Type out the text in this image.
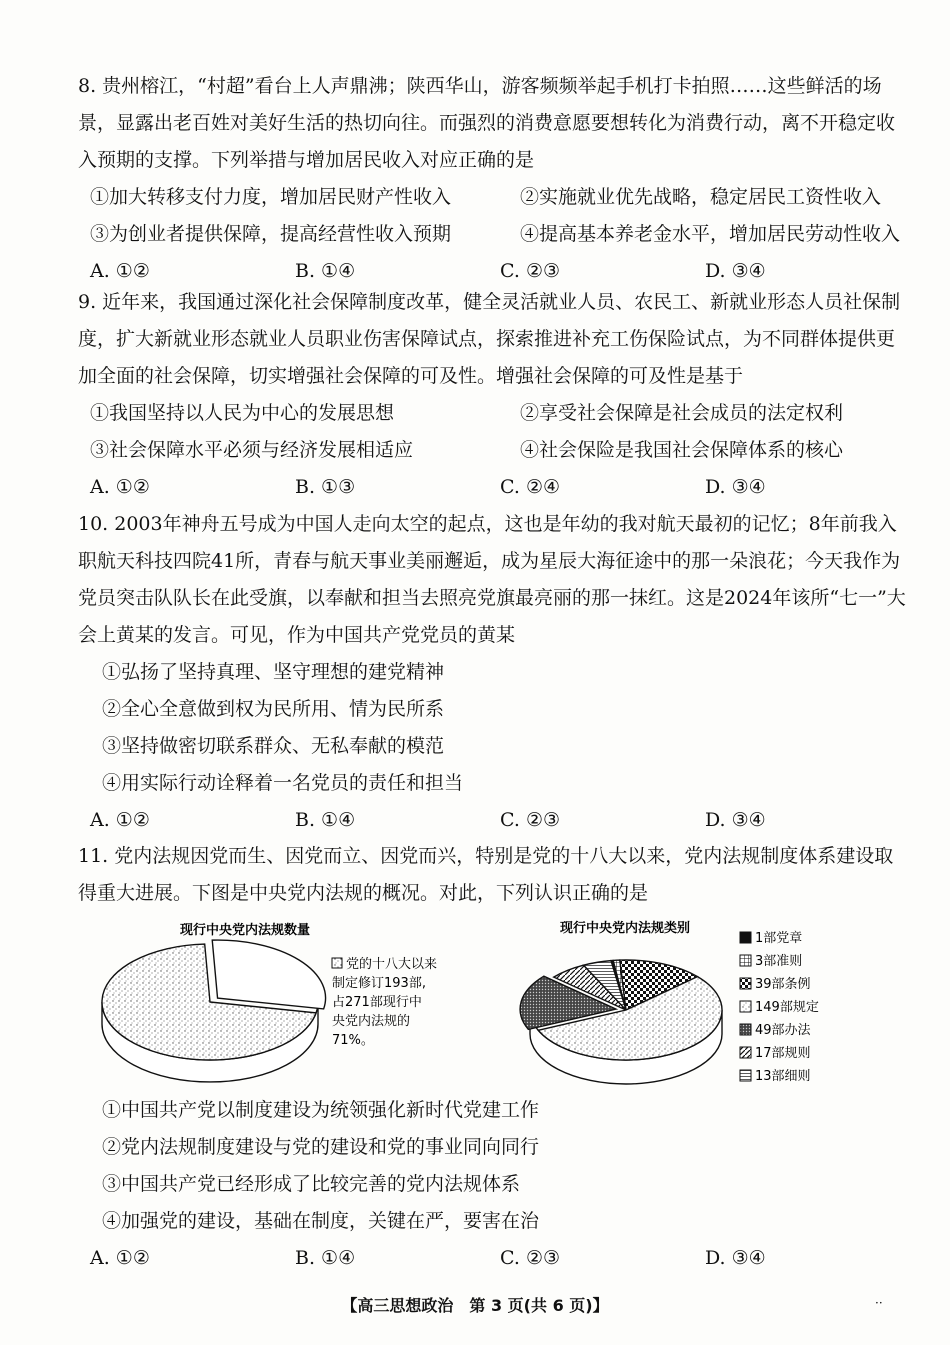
8. 贵州榕江，“村超”看台上人声鼎沸；陕西华山，游客频频举起手机打卡拍照……这些鲜活的场景，显露出老百姓对美好生活的热切向往。而强烈的消费意愿要想转化为消费行动，离不开稳定收入预期的支撑。下列举措与增加居民收入对应正确的是

①加大转移支付力度，增加居民财产性收入	②实施就业优先战略，稳定居民工资性收入
③为创业者提供保障，提高经营性收入预期	④提高基本养老金水平，增加居民劳动性收入
A. ①②	B. ①④	C. ②③	D. ③④

9. 近年来，我国通过深化社会保障制度改革，健全灵活就业人员、农民工、新就业形态人员社保制度，扩大新就业形态就业人员职业伤害保障试点，探索推进补充工伤保险试点，为不同群体提供更加全面的社会保障，切实增强社会保障的可及性。增强社会保障的可及性是基于

①我国坚持以人民为中心的发展思想	②享受社会保障是社会成员的法定权利
③社会保障水平必须与经济发展相适应	④社会保险是我国社会保障体系的核心
A. ①②	B. ①③	C. ②④	D. ③④

10. 2003年神舟五号成为中国人走向太空的起点，这也是年幼的我对航天最初的记忆；8年前我入职航天科技四院41所，青春与航天事业美丽邂逅，成为星辰大海征途中的那一朵浪花；今天我作为党员突击队队长在此受旗，以奉献和担当去照亮党旗最亮丽的那一抹红。这是2024年该所“七一”大会上黄某的发言。可见，作为中国共产党党员的黄某

①弘扬了坚持真理、坚守理想的建党精神
②全心全意做到权为民所用、情为民所系
③坚持做密切联系群众、无私奉献的模范
④用实际行动诠释着一名党员的责任和担当
A. ①②	B. ①④	C. ②③	D. ③④

11. 党内法规因党而生、因党而立、因党而兴，特别是党的十八大以来，党内法规制度体系建设取得重大进展。下图是中央党内法规的概况。对此，下列认识正确的是

现行中央党内法规数量
党的十八大以来
制定修订193部,
占271部现行中
央党内法规的
71%。
现行中央党内法规类别
1部党章
3部准则
39部条例
149部规定
49部办法
17部规则
13部细则
①中国共产党以制度建设为统领强化新时代党建工作
②党内法规制度建设与党的建设和党的事业同向同行
③中国共产党已经形成了比较完善的党内法规体系
④加强党的建设，基础在制度，关键在严，要害在治
A. ①②	B. ①④	C. ②③	D. ③④
【高三思想政治　第 3 页(共 6 页)】	··
